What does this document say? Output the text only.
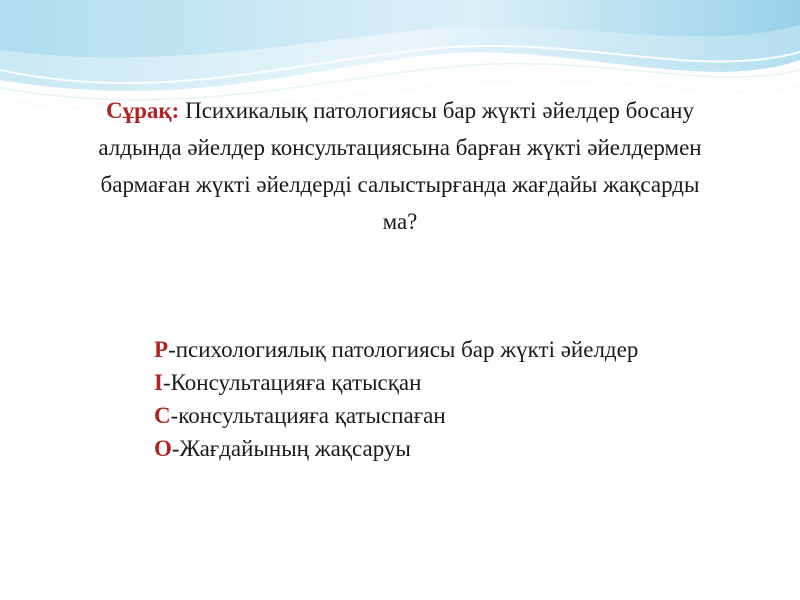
Сұрақ: Психикалық патологиясы бар жүкті әйелдер босану алдында әйелдер консультациясына барған жүкті әйелдермен бармаған жүкті әйелдерді салыстырғанда жағдайы жақсарды ма?
P-психологиялық патологиясы бар жүкті әйелдер
I-Консультацияға қатысқан
C-консультацияға қатыспаған
O-Жағдайының жақсаруы
